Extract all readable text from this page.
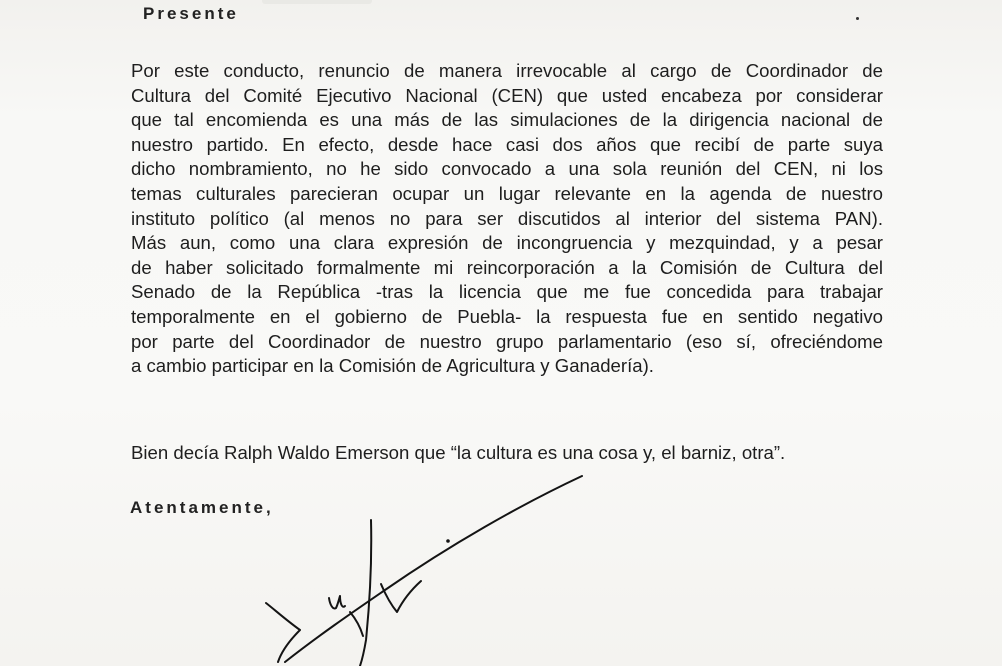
Presente
Por este conducto, renuncio de manera irrevocable al cargo de Coordinador de
Cultura del Comité Ejecutivo Nacional (CEN) que usted encabeza por considerar
que tal encomienda es una más de las simulaciones de la dirigencia nacional de
nuestro partido. En efecto, desde hace casi dos años que recibí de parte suya
dicho nombramiento, no he sido convocado a una sola reunión del CEN, ni los
temas culturales parecieran ocupar un lugar relevante en la agenda de nuestro
instituto político (al menos no para ser discutidos al interior del sistema PAN).
Más aun, como una clara expresión de incongruencia y mezquindad, y a pesar
de haber solicitado formalmente mi reincorporación a la Comisión de Cultura del
Senado de la República -tras la licencia que me fue concedida para trabajar
temporalmente en el gobierno de Puebla- la respuesta fue en sentido negativo
por parte del Coordinador de nuestro grupo parlamentario (eso sí, ofreciéndome
a cambio participar en la Comisión de Agricultura y Ganadería).
Bien decía Ralph Waldo Emerson que “la cultura es una cosa y, el barniz, otra”.
Atentamente,
